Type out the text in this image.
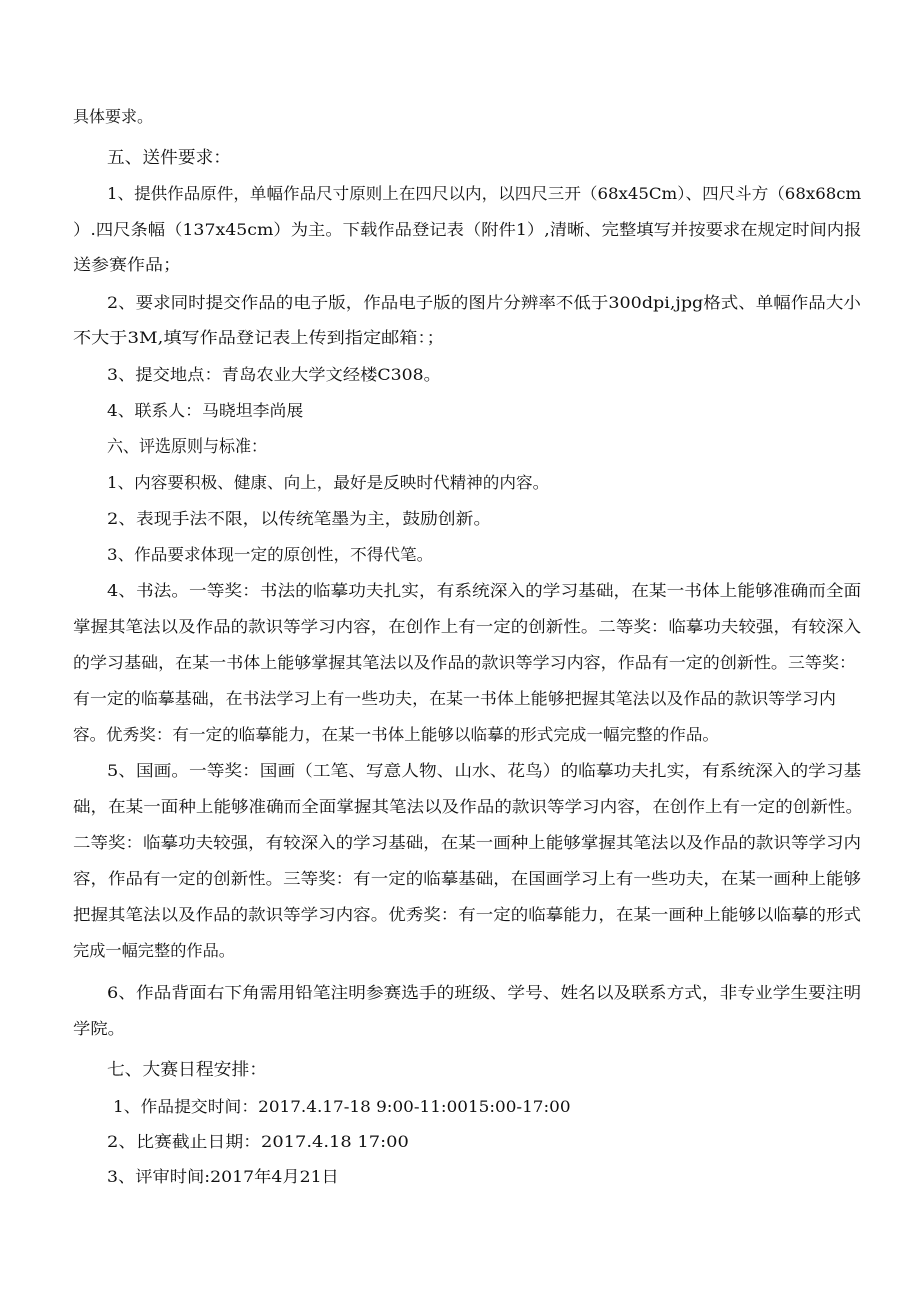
具体要求。
五、送件要求：
1、提供作品原件，单幅作品尺寸原则上在四尺以内，以四尺三开（68x45Cm）、四尺斗方（68x68cm
）.四尺条幅（137x45cm）为主。下载作品登记表（附件1）,清晰、完整填写并按要求在规定时间内报
送参赛作品；
2、要求同时提交作品的电子版，作品电子版的图片分辨率不低于300dpi,jpg格式、单幅作品大小
不大于3M,填写作品登记表上传到指定邮箱：；
3、提交地点：青岛农业大学文经楼C308。
4、联系人：马晓坦李尚展
六、评选原则与标准：
1、内容要积极、健康、向上，最好是反映时代精神的内容。
2、表现手法不限，以传统笔墨为主，鼓励创新。
3、作品要求体现一定的原创性，不得代笔。
4、书法。一等奖：书法的临摹功夫扎实，有系统深入的学习基础，在某一书体上能够准确而全面
掌握其笔法以及作品的款识等学习内容，在创作上有一定的创新性。二等奖：临摹功夫较强，有较深入
的学习基础，在某一书体上能够掌握其笔法以及作品的款识等学习内容，作品有一定的创新性。三等奖：
有一定的临摹基础，在书法学习上有一些功夫，在某一书体上能够把握其笔法以及作品的款识等学习内
容。优秀奖：有一定的临摹能力，在某一书体上能够以临摹的形式完成一幅完整的作品。
5、国画。一等奖：国画（工笔、写意人物、山水、花鸟）的临摹功夫扎实，有系统深入的学习基
础，在某一面种上能够准确而全面掌握其笔法以及作品的款识等学习内容，在创作上有一定的创新性。
二等奖：临摹功夫较强，有较深入的学习基础，在某一画种上能够掌握其笔法以及作品的款识等学习内
容，作品有一定的创新性。三等奖：有一定的临摹基础，在国画学习上有一些功夫，在某一画种上能够
把握其笔法以及作品的款识等学习内容。优秀奖：有一定的临摹能力，在某一画种上能够以临摹的形式
完成一幅完整的作品。
6、作品背面右下角需用铅笔注明参赛选手的班级、学号、姓名以及联系方式，非专业学生要注明
学院。
七、大赛日程安排：
1、作品提交时间：2017.4.17-18 9:00-11:0015:00-17:00
2、比赛截止日期：2017.4.18 17:00
3、评审时间:2017年4月21日
